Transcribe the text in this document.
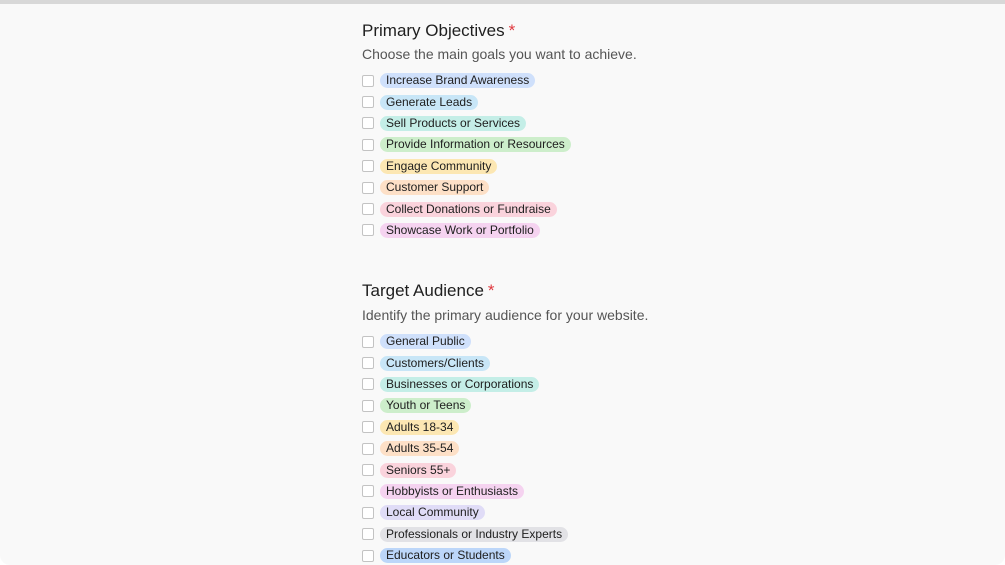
Primary Objectives *
Choose the main goals you want to achieve.
Increase Brand Awareness
Generate Leads
Sell Products or Services
Provide Information or Resources
Engage Community
Customer Support
Collect Donations or Fundraise
Showcase Work or Portfolio
Target Audience *
Identify the primary audience for your website.
General Public
Customers/Clients
Businesses or Corporations
Youth or Teens
Adults 18-34
Adults 35-54
Seniors 55+
Hobbyists or Enthusiasts
Local Community
Professionals or Industry Experts
Educators or Students
